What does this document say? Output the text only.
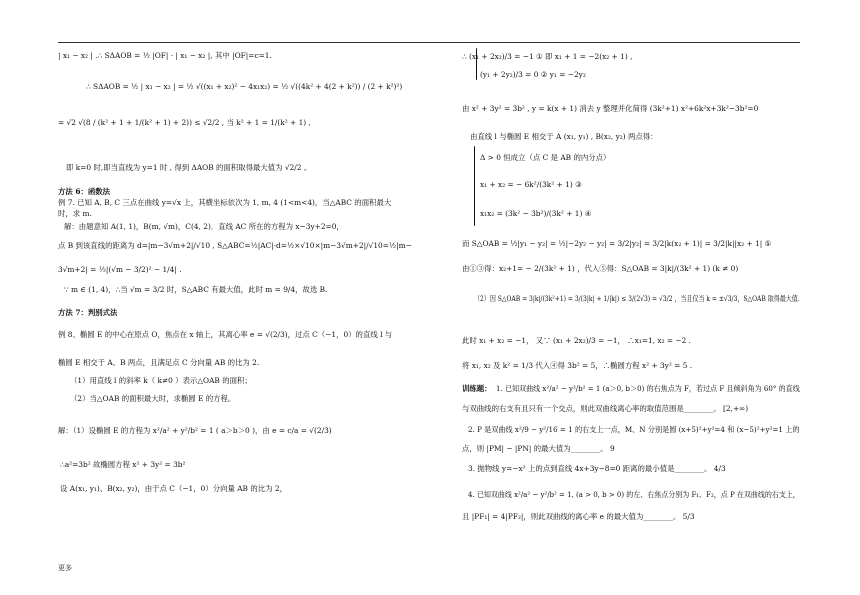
| x₁ − x₂ | .∴ SΔAOB = ½ |OF| · | x₁ − x₂ |, 其中 |OF|=c=1.
∴ SΔAOB = ½ | x₁ − x₂ | = ½ √((x₁ + x₂)² − 4x₁x₂) = ½ √((4k² + 4(2 + k²)) / (2 + k²)²)
= √2 √(8 / (k² + 1 + 1/(k² + 1) + 2)) ≤ √2/2 , 当 k² + 1 = 1/(k² + 1) ,
即 k=0 时,即当直线为 y=1 时 , 得到 ΔAOB 的面积取得最大值为 √2/2 。
方法 6：函数法
例 7. 已知 A, B, C 三点在曲线 y=√x 上，其横坐标依次为 1, m, 4 (1<m<4)，当△ABC 的面积最大
时，求 m.
解：由题意知 A(1, 1)，B(m, √m)，C(4, 2)．直线 AC 所在的方程为 x−3y+2=0，
点 B 到该直线的距离为 d=|m−3√m+2|/√10 , S△ABC=½|AC|·d=½×√10×|m−3√m+2|/√10=½|m−
3√m+2| = ½|(√m − 3/2)² − 1/4| .
∵ m ∈ (1, 4)，∴当 √m = 3/2 时，S△ABC 有最大值，此时 m = 9/4，故选 B.
方法 7：判别式法
例 8、椭圆 E 的中心在原点 O，焦点在 x 轴上，其离心率 e = √(2/3)，过点 C（−1，0）的直线 l 与
椭圆 E 相交于 A、B 两点，且满足点 C 分向量 AB 的比为 2.
（1）用直线 l 的斜率 k（ k≠0 ）表示△OAB 的面积；
（2）当△OAB 的面积最大时，求椭圆 E 的方程。
解：（1）设椭圆 E 的方程为 x²/a² + y²/b² = 1 ( a＞b＞0 )，由 e = c/a = √(2/3)
∴a²=3b² 故椭圆方程 x² + 3y² = 3b²
设 A(x₁, y₁)、B(x₂, y₂)，由于点 C（−1，0）分向量 AB 的比为 2，
∴ (x₁ + 2x₂)/3 = −1 ① 即 x₁ + 1 = −2(x₂ + 1) ,
(y₁ + 2y₂)/3 = 0 ② y₁ = −2y₂
由 x² + 3y² = 3b² , y = k(x + 1) 消去 y 整理并化简得 (3k²+1) x²+6k²x+3k²−3b²=0
由直线 l 与椭圆 E 相交于 A (x₁, y₁) , B(x₂, y₂) 两点得：
Δ > 0 恒成立（点 C 是 AB 的内分点）
x₁ + x₂ = − 6k²/(3k² + 1) ③
x₁x₂ = (3k² − 3b²)/(3k² + 1) ④
而 S△OAB = ½|y₁ − y₂| = ½|−2y₂ − y₂| = 3/2|y₂| = 3/2|k(x₂ + 1)| = 3/2|k||x₂ + 1| ⑤
由①③得：x₂+1= − 2/(3k² + 1) ，代入⑤得：S△OAB = 3|k|/(3k² + 1) (k ≠ 0)
（2）因 S△OAB = 3|k|/(3k²+1) = 3/(3|k| + 1/|k|) ≤ 3/(2√3) = √3/2 ，当且仅当 k = ±√3/3，S△OAB 取得最大值.
此时 x₁ + x₂ = −1， 又∵ (x₁ + 2x₂)/3 = −1， ∴x₁=1, x₂ = −2 .
将 x₁, x₂ 及 k² = 1/3 代入④得 3b² = 5，∴椭圆方程 x² + 3y² = 5 .
训练题： 1. 已知双曲线 x²/a² − y²/b² = 1 (a＞0, b＞0) 的右焦点为 F，若过点 F 且倾斜角为 60° 的直线
与双曲线的右支有且只有一个交点，则此双曲线离心率的取值范围是________。 [2,+∞)
2. P 是双曲线 x²/9 − y²/16 = 1 的右支上一点，M、N 分别是圆 (x+5)²+y²=4 和 (x−5)²+y²=1 上的
点，则 |PM| − |PN| 的最大值为________。 9
3. 抛物线 y=−x² 上的点到直线 4x+3y−8=0 距离的最小值是________。 4/3
4. 已知双曲线 x²/a² − y²/b² = 1, (a > 0, b > 0) 的左、右焦点分别为 F₁、F₂，点 P 在双曲线的右支上，
且 |PF₁| = 4|PF₂|，则此双曲线的离心率 e 的最大值为________。 5/3
更多
